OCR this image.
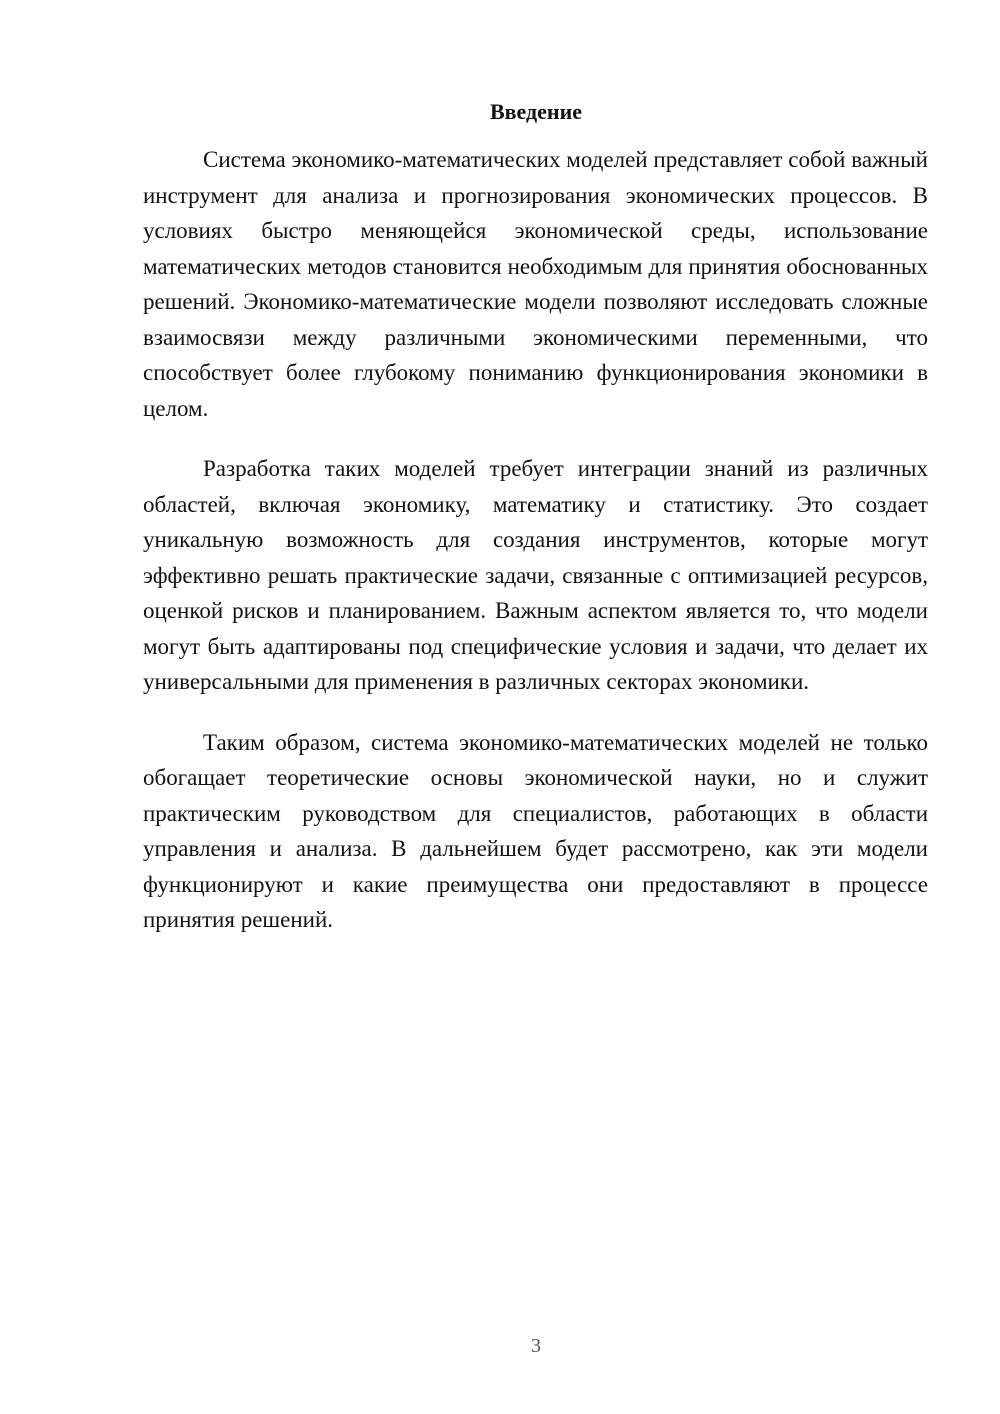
Введение

Система экономико-математических моделей представляет собой важный инструмент для анализа и прогнозирования экономических процессов. В условиях быстро меняющейся экономической среды, использование математических методов становится необходимым для принятия обоснованных решений. Экономико-математические модели позволяют исследовать сложные взаимосвязи между различными экономическими переменными, что способствует более глубокому пониманию функционирования экономики в целом.

Разработка таких моделей требует интеграции знаний из различных областей, включая экономику, математику и статистику. Это создает уникальную возможность для создания инструментов, которые могут эффективно решать практические задачи, связанные с оптимизацией ресурсов, оценкой рисков и планированием. Важным аспектом является то, что модели могут быть адаптированы под специфические условия и задачи, что делает их универсальными для применения в различных секторах экономики.

Таким образом, система экономико-математических моделей не только обогащает теоретические основы экономической науки, но и служит практическим руководством для специалистов, работающих в области управления и анализа. В дальнейшем будет рассмотрено, как эти модели функционируют и какие преимущества они предоставляют в процессе принятия решений.

3
